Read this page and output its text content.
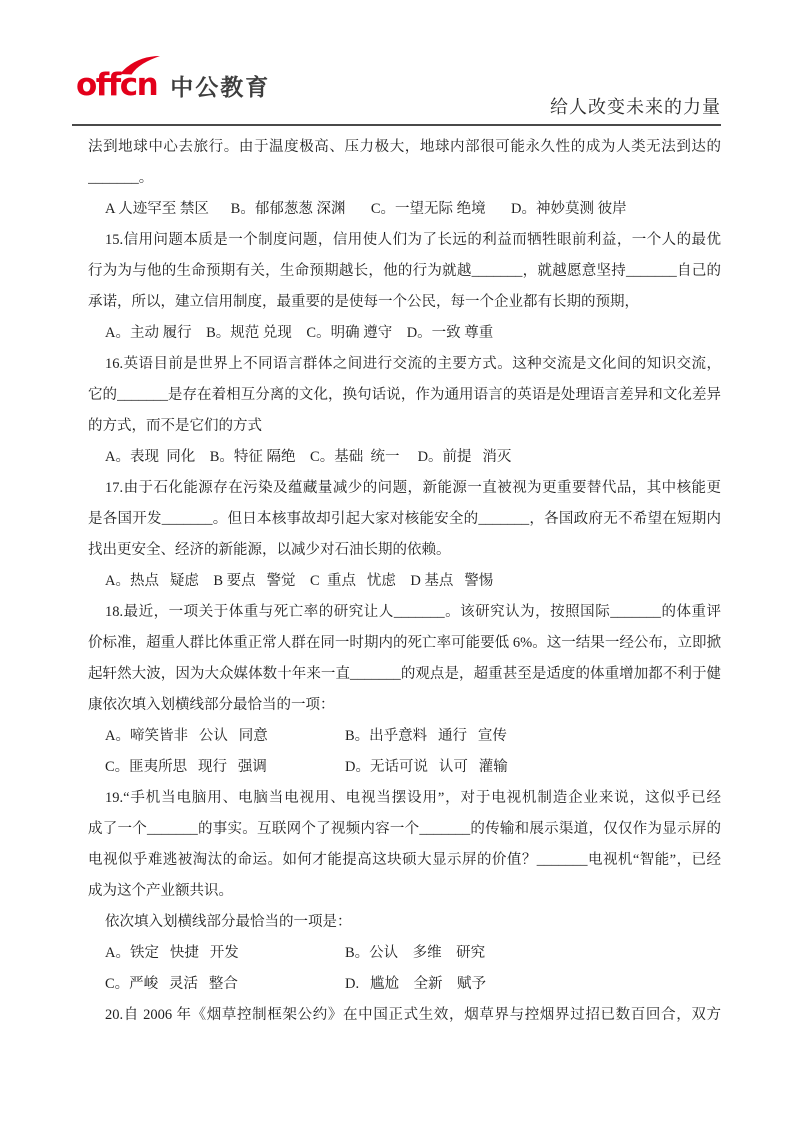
offcn 中公教育
给人改变未来的力量
法到地球中心去旅行。由于温度极高、压力极大，地球内部很可能永久性的成为人类无法到达的
_______。
A 人迹罕至 禁区      B。郁郁葱葱 深渊       C。一望无际 绝境       D。神妙莫测 彼岸
15.信用问题本质是一个制度问题，信用使人们为了长远的利益而牺牲眼前利益，一个人的最优
行为为与他的生命预期有关，生命预期越长，他的行为就越_______，就越愿意坚持_______自己的
承诺，所以，建立信用制度，最重要的是使每一个公民，每一个企业都有长期的预期，
A。主动 履行    B。规范 兑现    C。明确 遵守    D。一致 尊重
16.英语目前是世界上不同语言群体之间进行交流的主要方式。这种交流是文化间的知识交流，
它的_______是存在着相互分离的文化，换句话说，作为通用语言的英语是处理语言差异和文化差异
的方式，而不是它们的方式
A。表现  同化    B。特征 隔绝    C。基础  统一     D。前提   消灭
17.由于石化能源存在污染及蕴藏量减少的问题，新能源一直被视为更重要替代品，其中核能更
是各国开发_______。但日本核事故却引起大家对核能安全的_______，各国政府无不希望在短期内
找出更安全、经济的新能源，以减少对石油长期的依赖。
A。热点   疑虑    B 要点   警觉    C  重点   忧虑    D 基点   警惕
18.最近，一项关于体重与死亡率的研究让人_______。该研究认为，按照国际_______的体重评
价标准，超重人群比体重正常人群在同一时期内的死亡率可能要低 6%。这一结果一经公布，立即掀
起轩然大波，因为大众媒体数十年来一直_______的观点是，超重甚至是适度的体重增加都不利于健
康依次填入划横线部分最恰当的一项：
A。啼笑皆非   公认   同意	B。出乎意料   通行   宣传
C。匪夷所思   现行   强调	D。无话可说   认可   灌输
19.“手机当电脑用、电脑当电视用、电视当摆设用”，对于电视机制造企业来说，这似乎已经
成了一个_______的事实。互联网个了视频内容一个_______的传输和展示渠道，仅仅作为显示屏的
电视似乎难逃被淘汰的命运。如何才能提高这块硕大显示屏的价值？_______电视机“智能”，已经
成为这个产业额共识。
依次填入划横线部分最恰当的一项是：
A。铁定   快捷   开发	B。公认    多维    研究
C。严峻   灵活   整合	D.   尴尬    全新    赋予
20.自 2006 年《烟草控制框架公约》在中国正式生效，烟草界与控烟界过招已数百回合，双方
